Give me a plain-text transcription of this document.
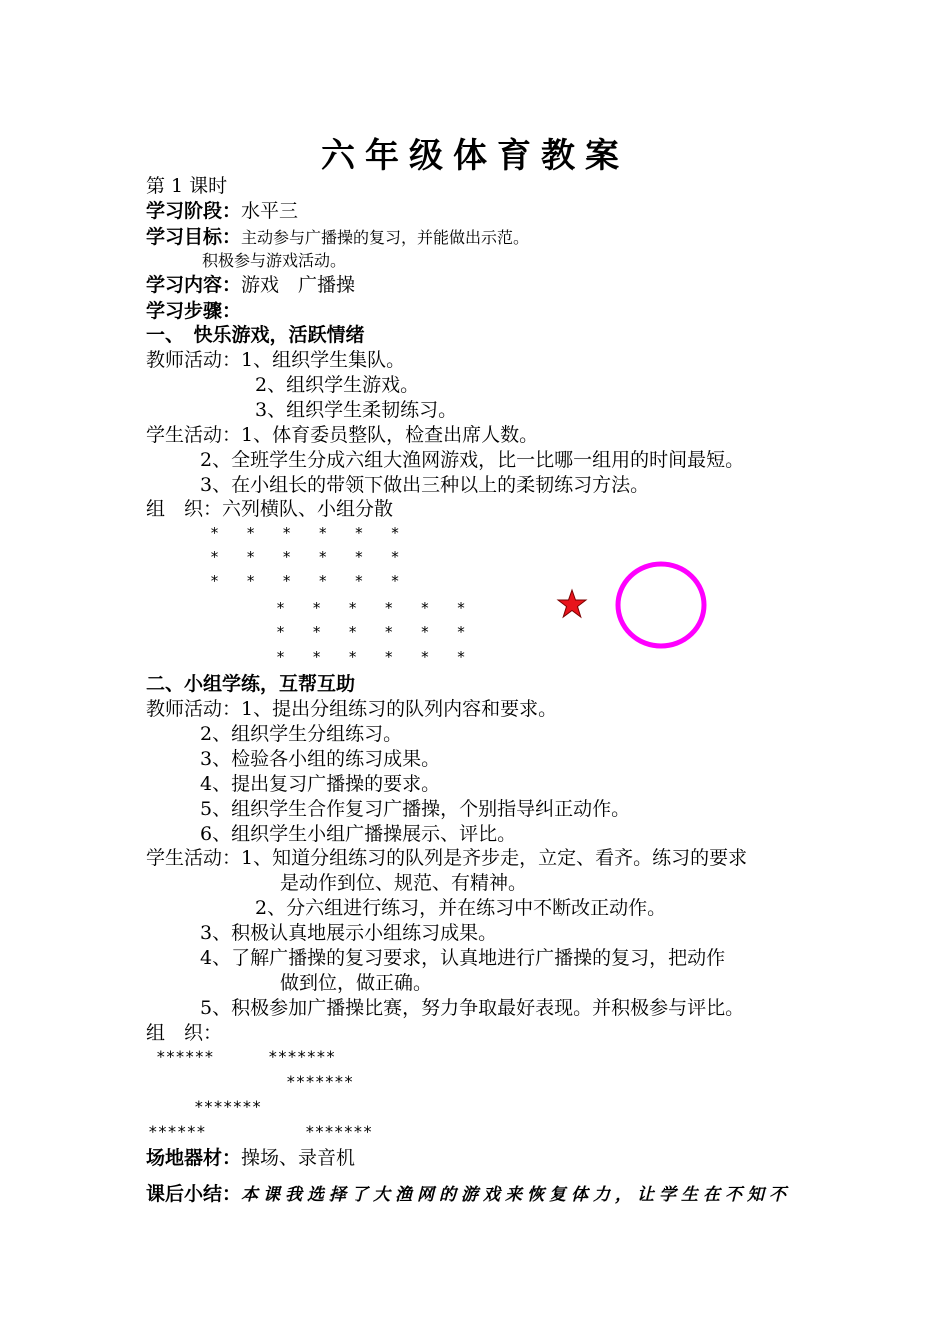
六年级体育教案
第 1 课时
学习阶段：水平三
学习目标：主动参与广播操的复习，并能做出示范。
积极参与游戏活动。
学习内容：游戏　广播操
学习步骤：
一、　快乐游戏，活跃情绪
教师活动：1、组织学生集队。
2、组织学生游戏。
3、组织学生柔韧练习。
学生活动：1、体育委员整队，检查出席人数。
2、全班学生分成六组大渔网游戏，比一比哪一组用的时间最短。
3、在小组长的带领下做出三种以上的柔韧练习方法。
组　织：六列横队、小组分散
*  *  *  *  *  *
*  *  *  *  *  *
*  *  *  *  *  *
*  *  *  *  *  *
*  *  *  *  *  *
*  *  *  *  *  *
二、小组学练，互帮互助
教师活动：1、提出分组练习的队列内容和要求。
2、组织学生分组练习。
3、检验各小组的练习成果。
4、提出复习广播操的要求。
5、组织学生合作复习广播操，个别指导纠正动作。
6、组织学生小组广播操展示、评比。
学生活动：1、知道分组练习的队列是齐步走，立定、看齐。练习的要求
是动作到位、规范、有精神。
2、分六组进行练习，并在练习中不断改正动作。
3、积极认真地展示小组练习成果。
4、了解广播操的复习要求，认真地进行广播操的复习，把动作
做到位，做正确。
5、积极参加广播操比赛，努力争取最好表现。并积极参与评比。
组　织：
******	*******
*******
*******
******	*******
场地器材：操场、录音机
课后小结：本课我选择了大渔网的游戏来恢复体力，让学生在不知不
